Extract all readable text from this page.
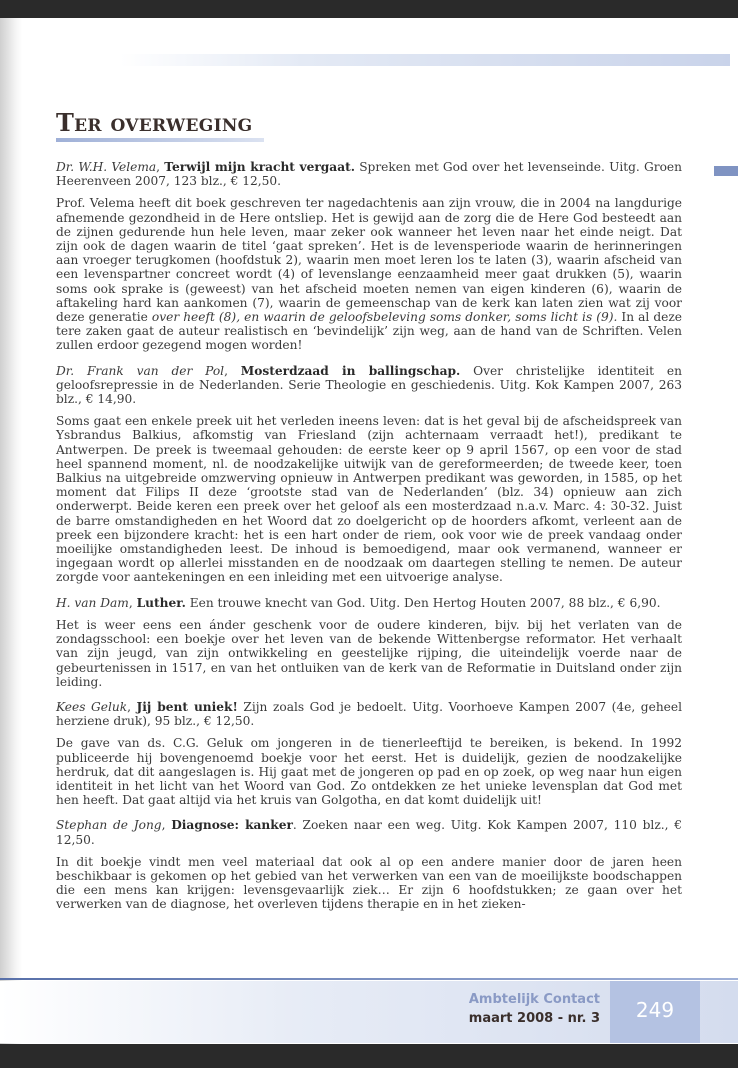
Ter overweging

Dr. W.H. Velema, Terwijl mijn kracht vergaat. Spreken met God over het levenseinde. Uitg. Groen Heerenveen 2007, 123 blz., € 12,50.

Prof. Velema heeft dit boek geschreven ter nagedachtenis aan zijn vrouw, die in 2004 na langdurige afnemende gezondheid in de Here ontsliep. Het is gewijd aan de zorg die de Here God besteedt aan de zijnen gedurende hun hele leven, maar zeker ook wanneer het leven naar het einde neigt. Dat zijn ook de dagen waarin de titel ‘gaat spreken’. Het is de levensperiode waarin de herinneringen aan vroeger terugkomen (hoofdstuk 2), waarin men moet leren los te laten (3), waarin afscheid van een levenspartner concreet wordt (4) of levenslange eenzaamheid meer gaat drukken (5), waarin soms ook sprake is (geweest) van het afscheid moeten nemen van eigen kinderen (6), waarin de aftakeling hard kan aankomen (7), waarin de gemeenschap van de kerk kan laten zien wat zij voor deze generatie over heeft (8), en waarin de geloofsbeleving soms donker, soms licht is (9). In al deze tere zaken gaat de auteur realistisch en ‘bevindelijk’ zijn weg, aan de hand van de Schriften. Velen zullen erdoor gezegend mogen worden!

Dr. Frank van der Pol, Mosterdzaad in ballingschap. Over christelijke identiteit en geloofsrepressie in de Nederlanden. Serie Theologie en geschiedenis. Uitg. Kok Kampen 2007, 263 blz., € 14,90.

Soms gaat een enkele preek uit het verleden ineens leven: dat is het geval bij de afscheidspreek van Ysbrandus Balkius, afkomstig van Friesland (zijn achternaam verraadt het!), predikant te Antwerpen. De preek is tweemaal gehouden: de eerste keer op 9 april 1567, op een voor de stad heel spannend moment, nl. de noodzakelijke uitwijk van de gereformeerden; de tweede keer, toen Balkius na uitgebreide omzwerving opnieuw in Antwerpen predikant was geworden, in 1585, op het moment dat Filips II deze ‘grootste stad van de Nederlanden’ (blz. 34) opnieuw aan zich onderwerpt. Beide keren een preek over het geloof als een mosterdzaad n.a.v. Marc. 4: 30-32. Juist de barre omstandigheden en het Woord dat zo doelgericht op de hoorders afkomt, verleent aan de preek een bijzondere kracht: het is een hart onder de riem, ook voor wie de preek vandaag onder moeilijke omstandigheden leest. De inhoud is bemoedigend, maar ook vermanend, wanneer er ingegaan wordt op allerlei misstanden en de noodzaak om daartegen stelling te nemen. De auteur zorgde voor aantekeningen en een inleiding met een uitvoerige analyse.

H. van Dam, Luther. Een trouwe knecht van God. Uitg. Den Hertog Houten 2007, 88 blz., € 6,90.

Het is weer eens een ánder geschenk voor de oudere kinderen, bijv. bij het verlaten van de zondagsschool: een boekje over het leven van de bekende Wittenbergse reformator. Het verhaalt van zijn jeugd, van zijn ontwikkeling en geestelijke rijping, die uiteindelijk voerde naar de gebeurtenissen in 1517, en van het ontluiken van de kerk van de Reformatie in Duitsland onder zijn leiding.

Kees Geluk, Jij bent uniek! Zijn zoals God je bedoelt. Uitg. Voorhoeve Kampen 2007 (4e, geheel herziene druk), 95 blz., € 12,50.

De gave van ds. C.G. Geluk om jongeren in de tienerleeftijd te bereiken, is bekend. In 1992 publiceerde hij bovengenoemd boekje voor het eerst. Het is duidelijk, gezien de noodzakelijke herdruk, dat dit aangeslagen is. Hij gaat met de jongeren op pad en op zoek, op weg naar hun eigen identiteit in het licht van het Woord van God. Zo ontdekken ze het unieke levensplan dat God met hen heeft. Dat gaat altijd via het kruis van Golgotha, en dat komt duidelijk uit!

Stephan de Jong, Diagnose: kanker. Zoeken naar een weg. Uitg. Kok Kampen 2007, 110 blz., € 12,50.

In dit boekje vindt men veel materiaal dat ook al op een andere manier door de jaren heen beschikbaar is gekomen op het gebied van het verwerken van een van de moeilijkste boodschappen die een mens kan krijgen: levensgevaarlijk ziek… Er zijn 6 hoofdstukken; ze gaan over het verwerken van de diagnose, het overleven tijdens therapie en in het zieken-

Ambtelijk Contact
maart 2008 - nr. 3	249
